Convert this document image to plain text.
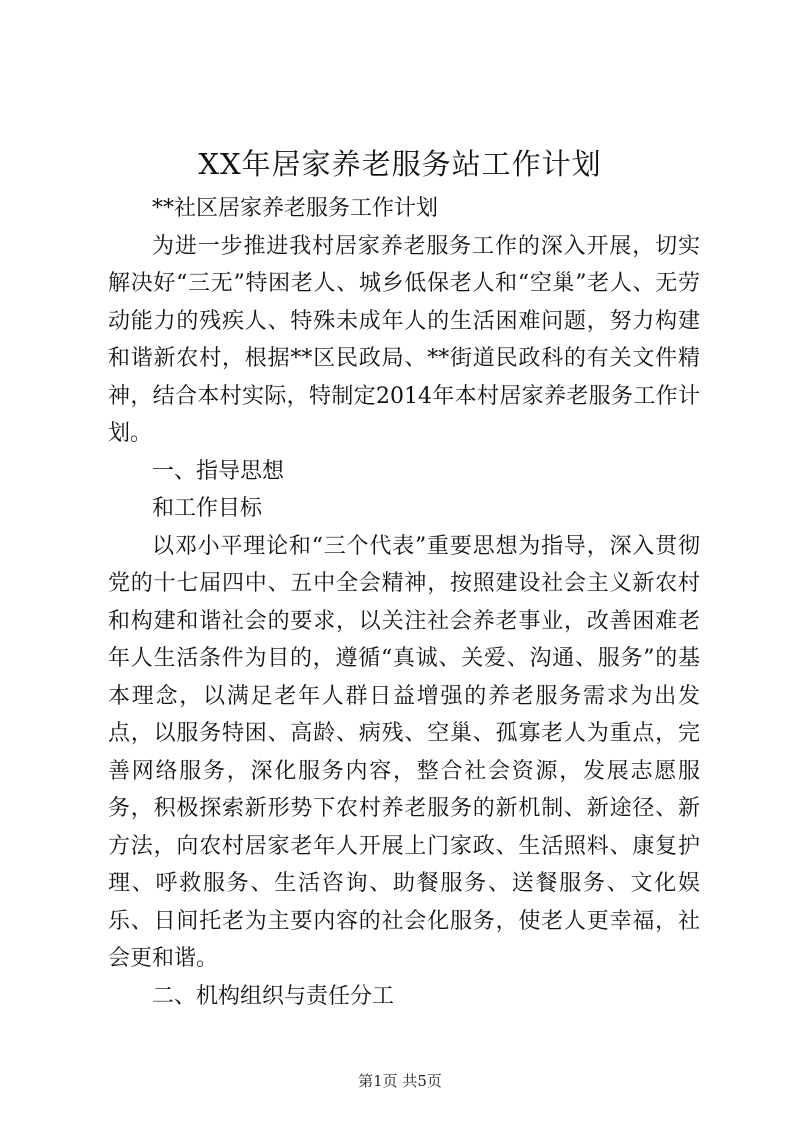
XX年居家养老服务站工作计划

**社区居家养老服务工作计划

为进一步推进我村居家养老服务工作的深入开展，切实解决好“三无”特困老人、城乡低保老人和“空巢”老人、无劳动能力的残疾人、特殊未成年人的生活困难问题，努力构建和谐新农村，根据**区民政局、**街道民政科的有关文件精神，结合本村实际，特制定2014年本村居家养老服务工作计划。

一、指导思想

和工作目标

以邓小平理论和“三个代表”重要思想为指导，深入贯彻党的十七届四中、五中全会精神，按照建设社会主义新农村和构建和谐社会的要求，以关注社会养老事业，改善困难老年人生活条件为目的，遵循“真诚、关爱、沟通、服务”的基本理念，以满足老年人群日益增强的养老服务需求为出发点，以服务特困、高龄、病残、空巢、孤寡老人为重点，完善网络服务，深化服务内容，整合社会资源，发展志愿服务，积极探索新形势下农村养老服务的新机制、新途径、新方法，向农村居家老年人开展上门家政、生活照料、康复护理、呼救服务、生活咨询、助餐服务、送餐服务、文化娱乐、日间托老为主要内容的社会化服务，使老人更幸福，社会更和谐。

二、机构组织与责任分工

第1页 共5页
